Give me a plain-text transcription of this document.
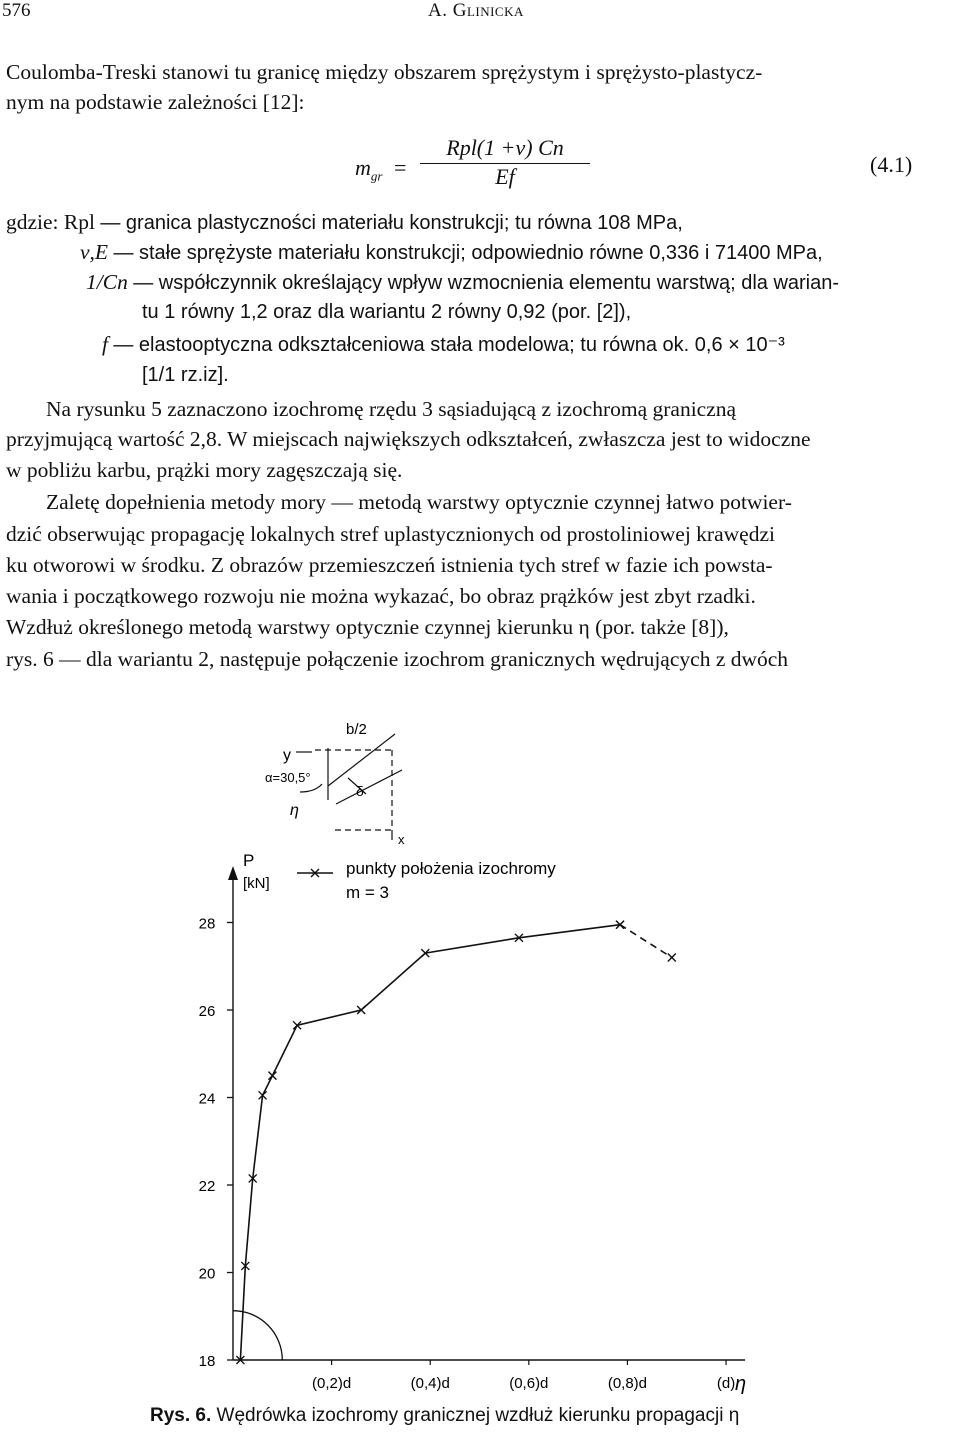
576	A. Glinicka
Coulomba-Treski stanowi tu granicę między obszarem sprężystym i sprężysto-plastycz-
nym na podstawie zależności [12]:
$m_{gr}$ =
Rpl(1 +ν) Cn
Ef	(4.1)
gdzie: Rpl — granica plastyczności materiału konstrukcji; tu równa 108 MPa,
ν,E — stałe sprężyste materiału konstrukcji; odpowiednio równe 0,336 i 71400 MPa,
1/Cn — współczynnik określający wpływ wzmocnienia elementu warstwą; dla warian-
tu 1 równy 1,2 oraz dla wariantu 2 równy 0,92 (por. [2]),
f — elastooptyczna odkształceniowa stała modelowa; tu równa ok. 0,6 × 10⁻³
[1/1 rz.iz].
Na rysunku 5 zaznaczono izochromę rzędu 3 sąsiadującą z izochromą graniczną
przyjmującą wartość 2,8. W miejscach największych odkształceń, zwłaszcza jest to widoczne
w pobliżu karbu, prążki mory zagęszczają się.
Zaletę dopełnienia metody mory — metodą warstwy optycznie czynnej łatwo potwier-
dzić obserwując propagację lokalnych stref uplastycznionych od prostoliniowej krawędzi
ku otworowi w środku. Z obrazów przemieszczeń istnienia tych stref w fazie ich powsta-
wania i początkowego rozwoju nie można wykazać, bo obraz prążków jest zbyt rzadki.
Wzdłuż określonego metodą warstwy optycznie czynnej kierunku η (por. także [8]),
rys. 6 — dla wariantu 2, następuje połączenie izochrom granicznych wędrujących z dwóch
b/2
y
α=30,5°
δ
η
x
punkty położenia izochromy
m = 3
P
[kN]
η
28
26
24
22
20
18
(0,2)d	(0,4)d	(0,6)d	(0,8)d	(d)
Rys. 6. Wędrówka izochromy granicznej wzdłuż kierunku propagacji η
